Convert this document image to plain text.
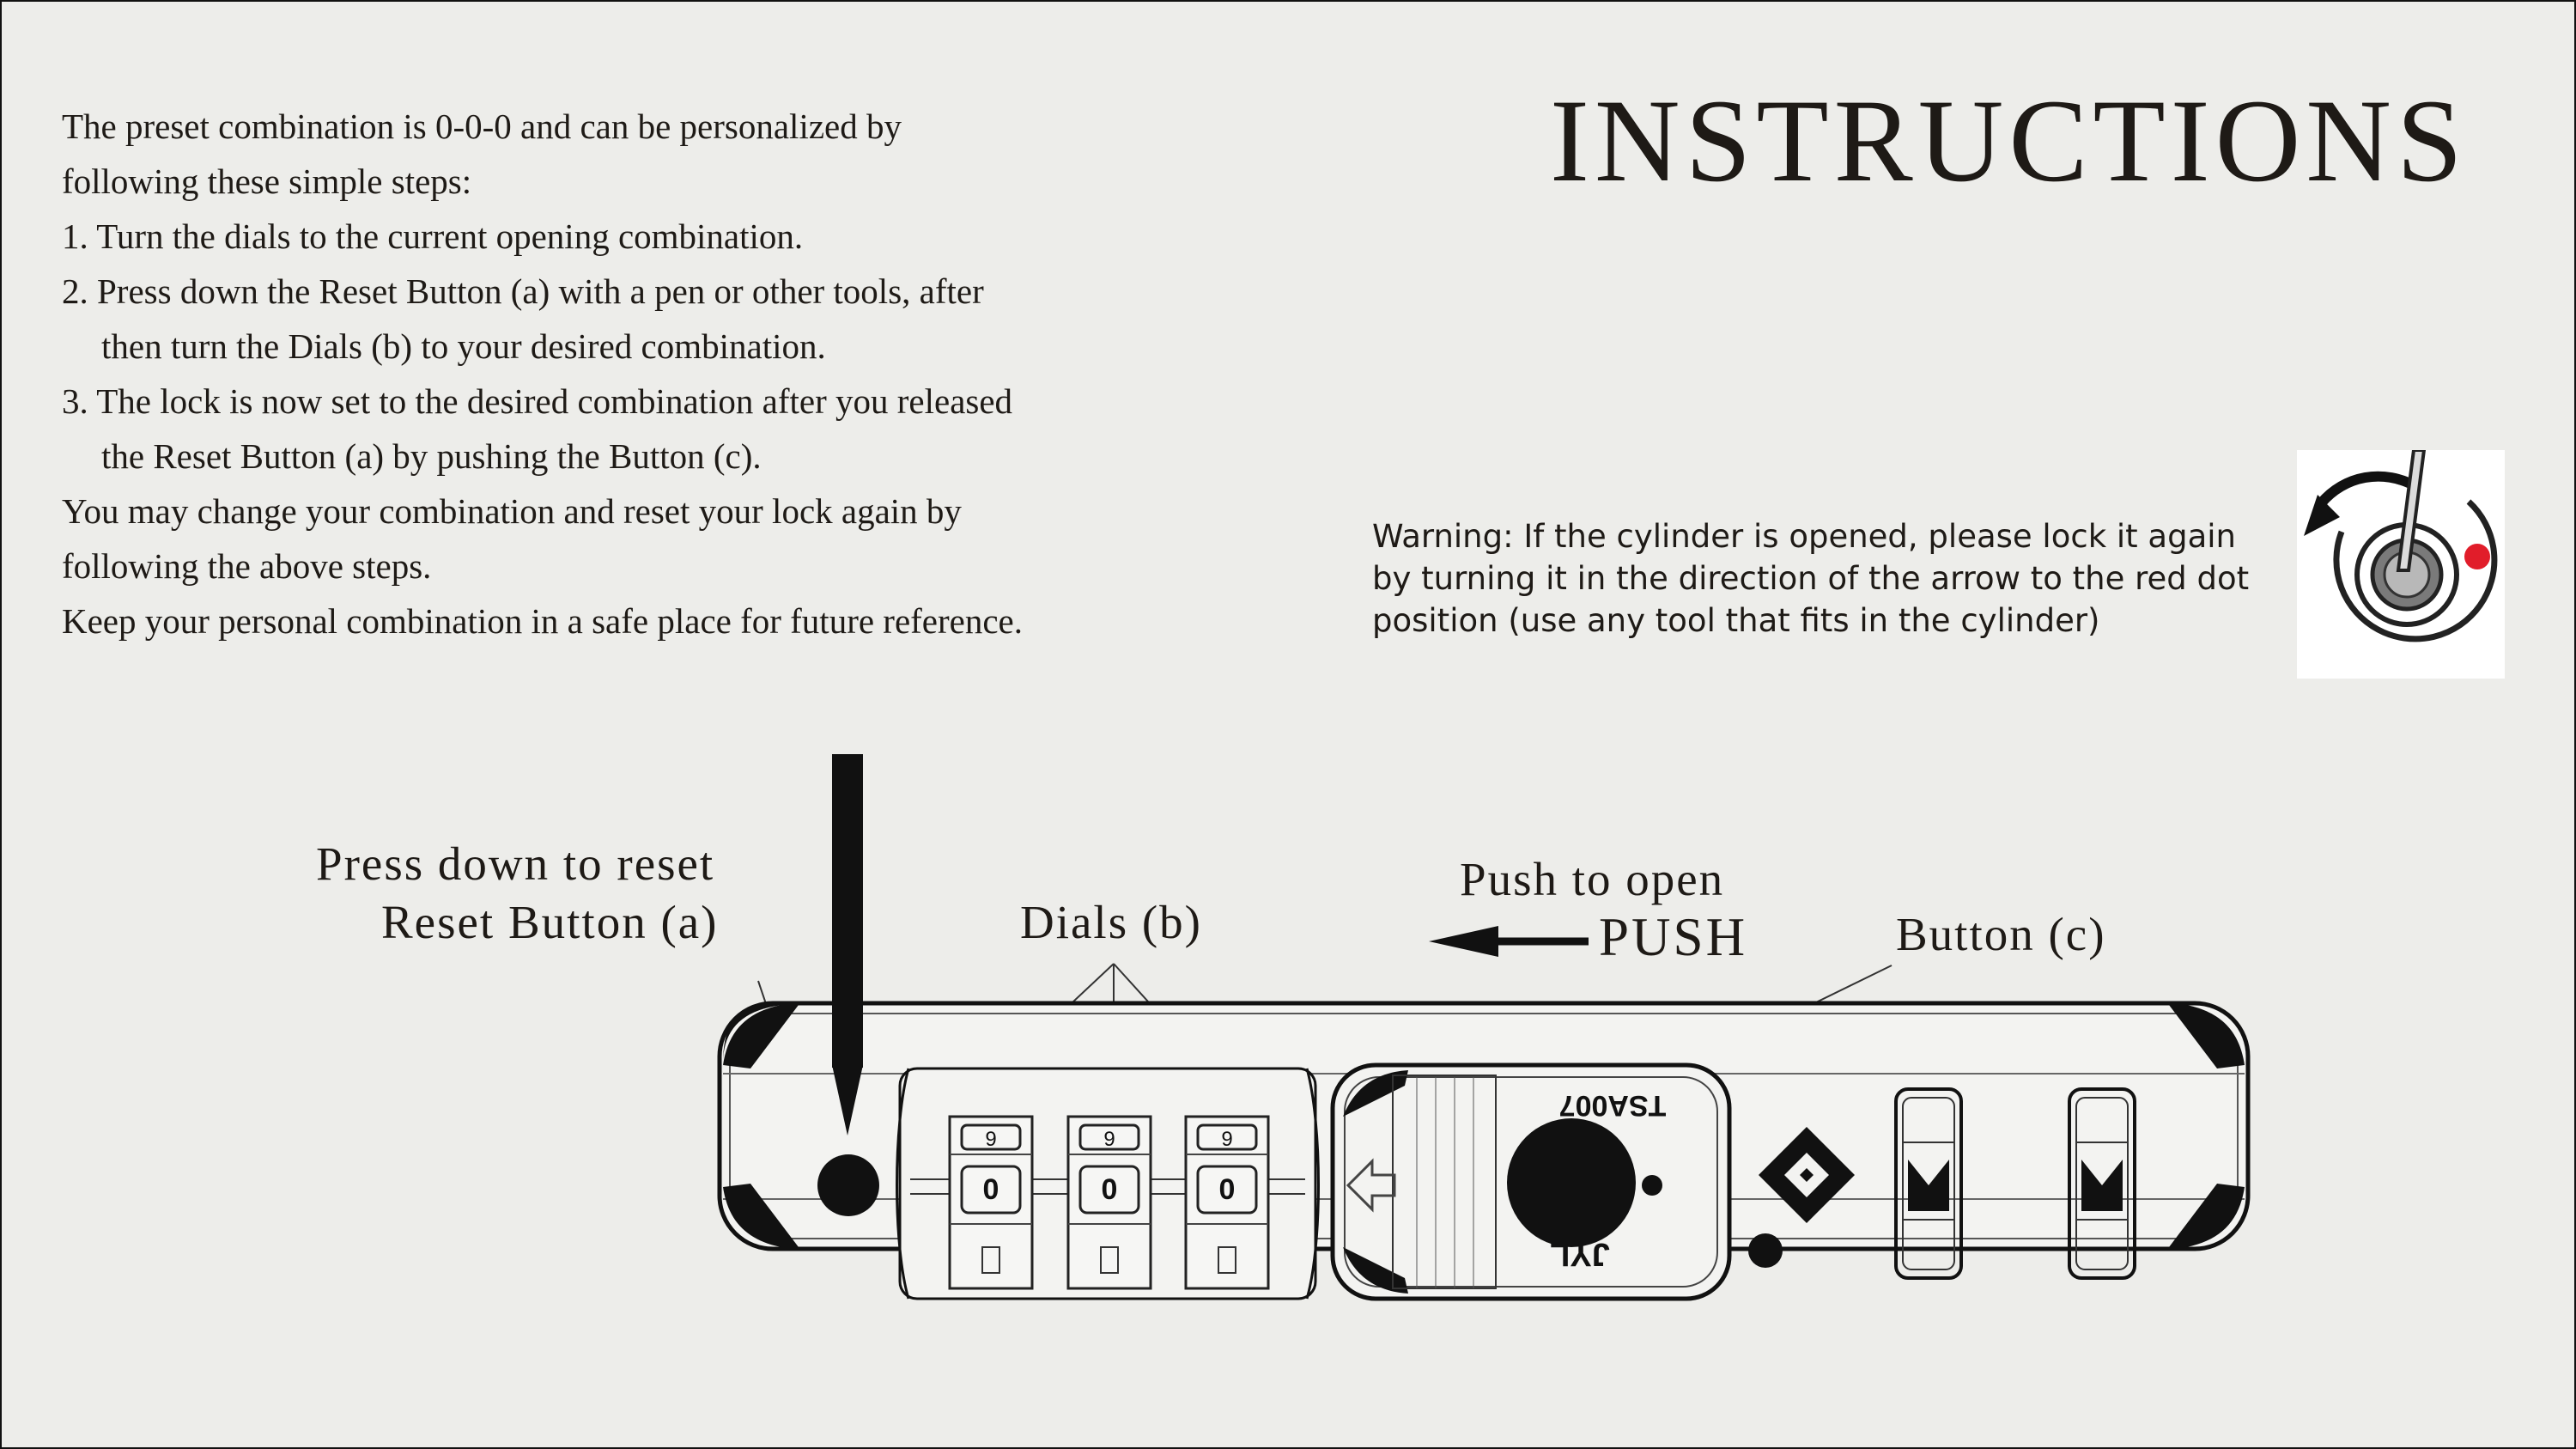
INSTRUCTIONS
The preset combination is 0-0-0 and can be personalized by
following these simple steps:
1. Turn the dials to the current opening combination.
2. Press down the Reset Button (a) with a pen or other tools, after
then turn the Dials (b) to your desired combination.
3. The lock is now set to the desired combination after you released
the Reset Button (a) by pushing the Button (c).
You may change your combination and reset your lock again by
following the above steps.
Keep your personal combination in a safe place for future reference.
Warning: If the cylinder is opened, please lock it again
by turning it in the direction of the arrow to the red dot
position (use any tool that fits in the cylinder)
Press down to reset
Reset Button (a)	Dials (b)
Push to open
PUSH	Button (c)
0
9
0
9
0
9
TSA007
JYL
